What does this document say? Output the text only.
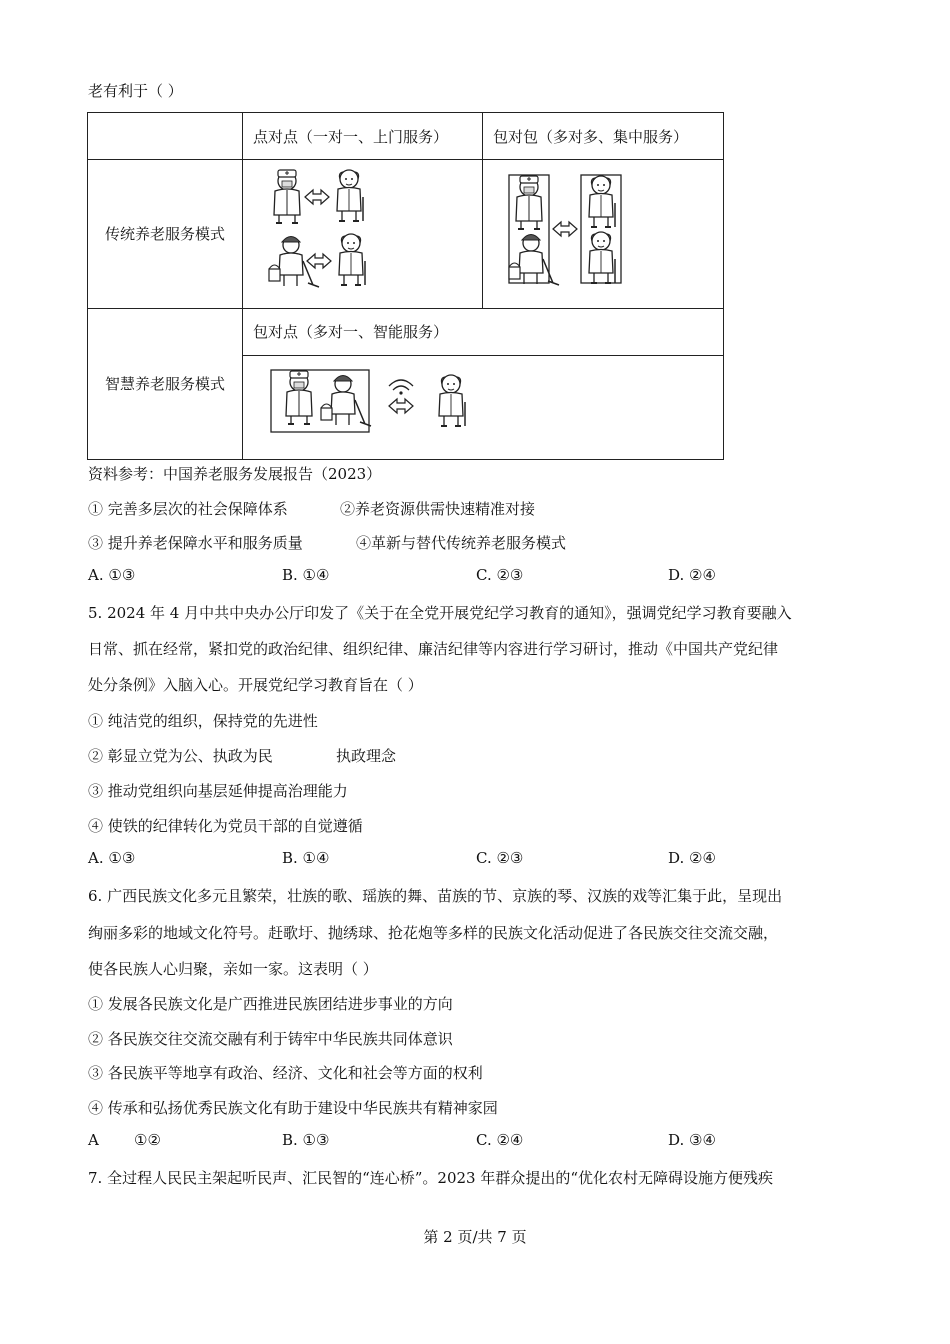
老有利于（ ）
	点对点（一对一、上门服务）	包对包（多对多、集中服务）
传统养老服务模式	

智慧养老服务模式	包对点（多对一、智能服务）	

资料参考：中国养老服务发展报告（2023）
① 完善多层次的社会保障体系	②养老资源供需快速精准对接
③ 提升养老保障水平和服务质量	④革新与替代传统养老服务模式
A. ①③	B. ①④	C. ②③	D. ②④
5. 2024 年 4 月中共中央办公厅印发了《关于在全党开展党纪学习教育的通知》，强调党纪学习教育要融入
日常、抓在经常，紧扣党的政治纪律、组织纪律、廉洁纪律等内容进行学习研讨，推动《中国共产党纪律
处分条例》入脑入心。开展党纪学习教育旨在（ ）
① 纯洁党的组织，保持党的先进性
② 彰显立党为公、执政为民	执政理念
③ 推动党组织向基层延伸提高治理能力
④ 使铁的纪律转化为党员干部的自觉遵循
A. ①③	B. ①④	C. ②③	D. ②④
6. 广西民族文化多元且繁荣，壮族的歌、瑶族的舞、苗族的节、京族的琴、汉族的戏等汇集于此，呈现出
绚丽多彩的地域文化符号。赶歌圩、抛绣球、抢花炮等多样的民族文化活动促进了各民族交往交流交融，
使各民族人心归聚，亲如一家。这表明（ ）
① 发展各民族文化是广西推进民族团结进步事业的方向
② 各民族交往交流交融有利于铸牢中华民族共同体意识
③ 各民族平等地享有政治、经济、文化和社会等方面的权利
④ 传承和弘扬优秀民族文化有助于建设中华民族共有精神家园
A ①②	B. ①③	C. ②④	D. ③④
7. 全过程人民民主架起听民声、汇民智的“连心桥”。2023 年群众提出的“优化农村无障碍设施方便残疾
第 2 页/共 7 页
